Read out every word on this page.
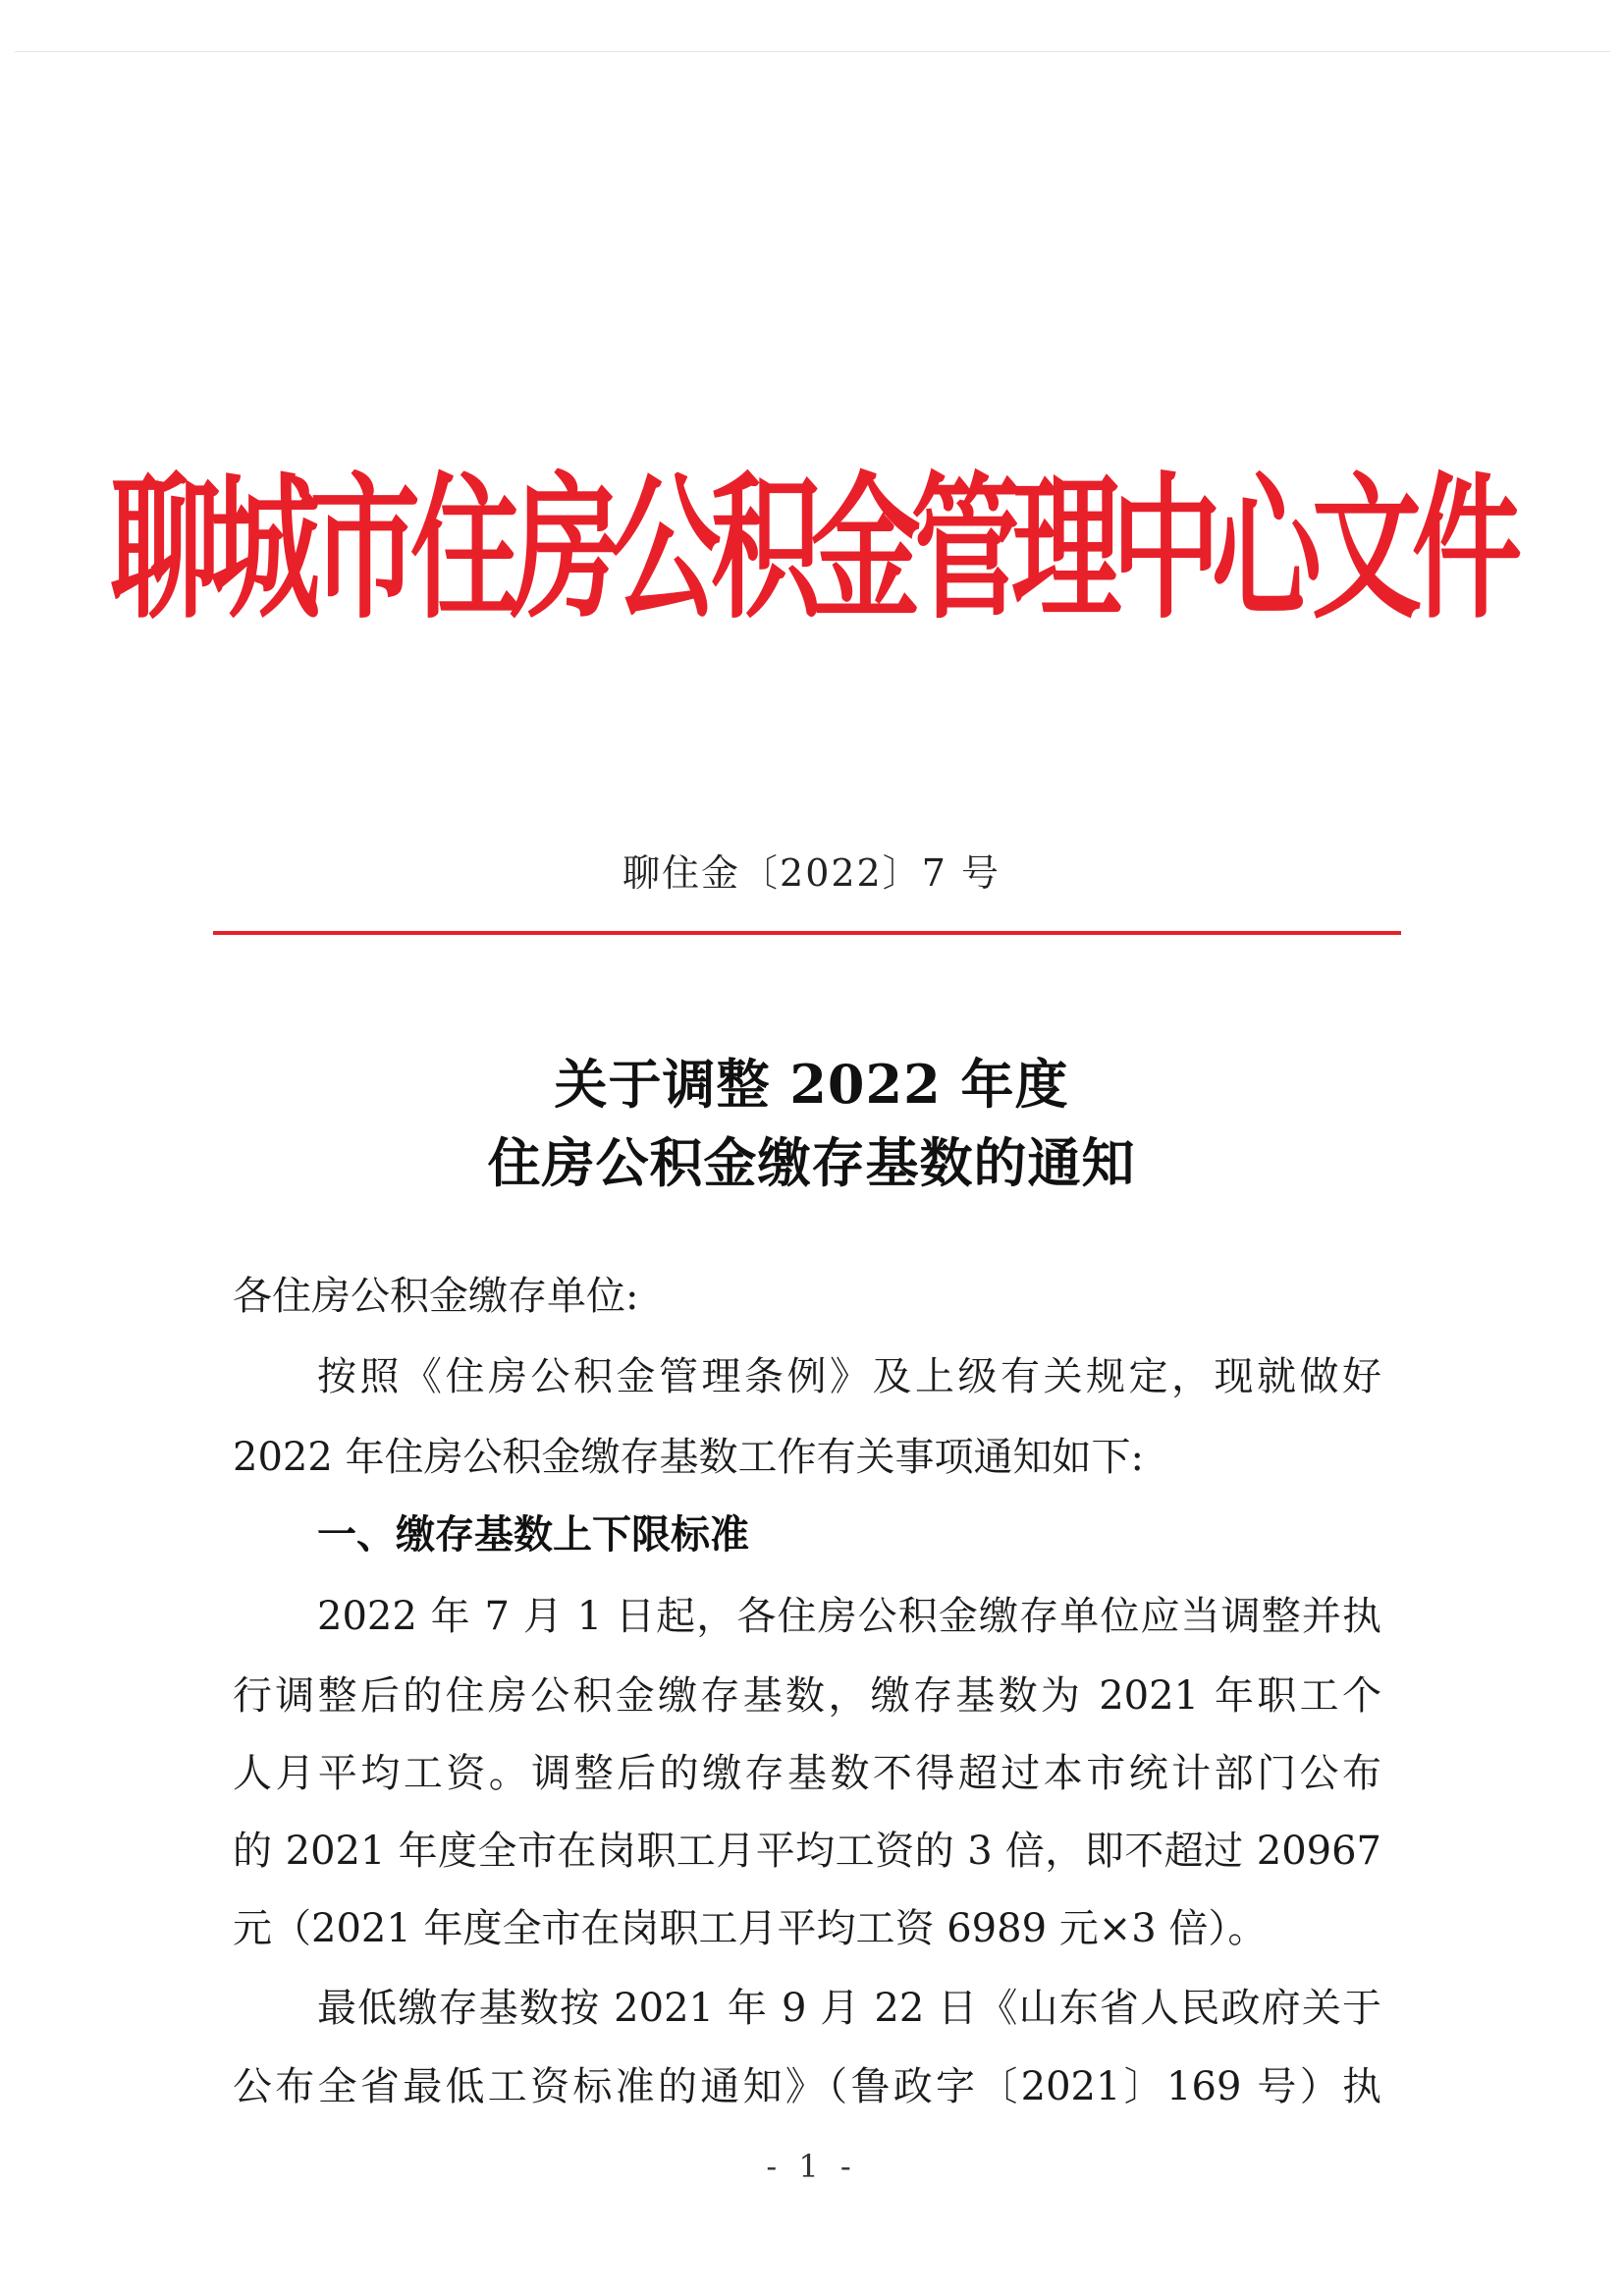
聊城市住房公积金管理中心文件
聊住金〔2022〕7 号
关于调整 2022 年度
住房公积金缴存基数的通知
各住房公积金缴存单位:
按照《住房公积金管理条例》及上级有关规定，现就做好
2022 年住房公积金缴存基数工作有关事项通知如下:
一、缴存基数上下限标准
2022 年 7 月 1 日起，各住房公积金缴存单位应当调整并执
行调整后的住房公积金缴存基数，缴存基数为 2021 年职工个
人月平均工资。调整后的缴存基数不得超过本市统计部门公布
的 2021 年度全市在岗职工月平均工资的 3 倍，即不超过 20967
元（2021 年度全市在岗职工月平均工资 6989 元×3 倍）。
最低缴存基数按 2021 年 9 月 22 日《山东省人民政府关于
公布全省最低工资标准的通知》（鲁政字〔2021〕169 号）执
- 1 -
